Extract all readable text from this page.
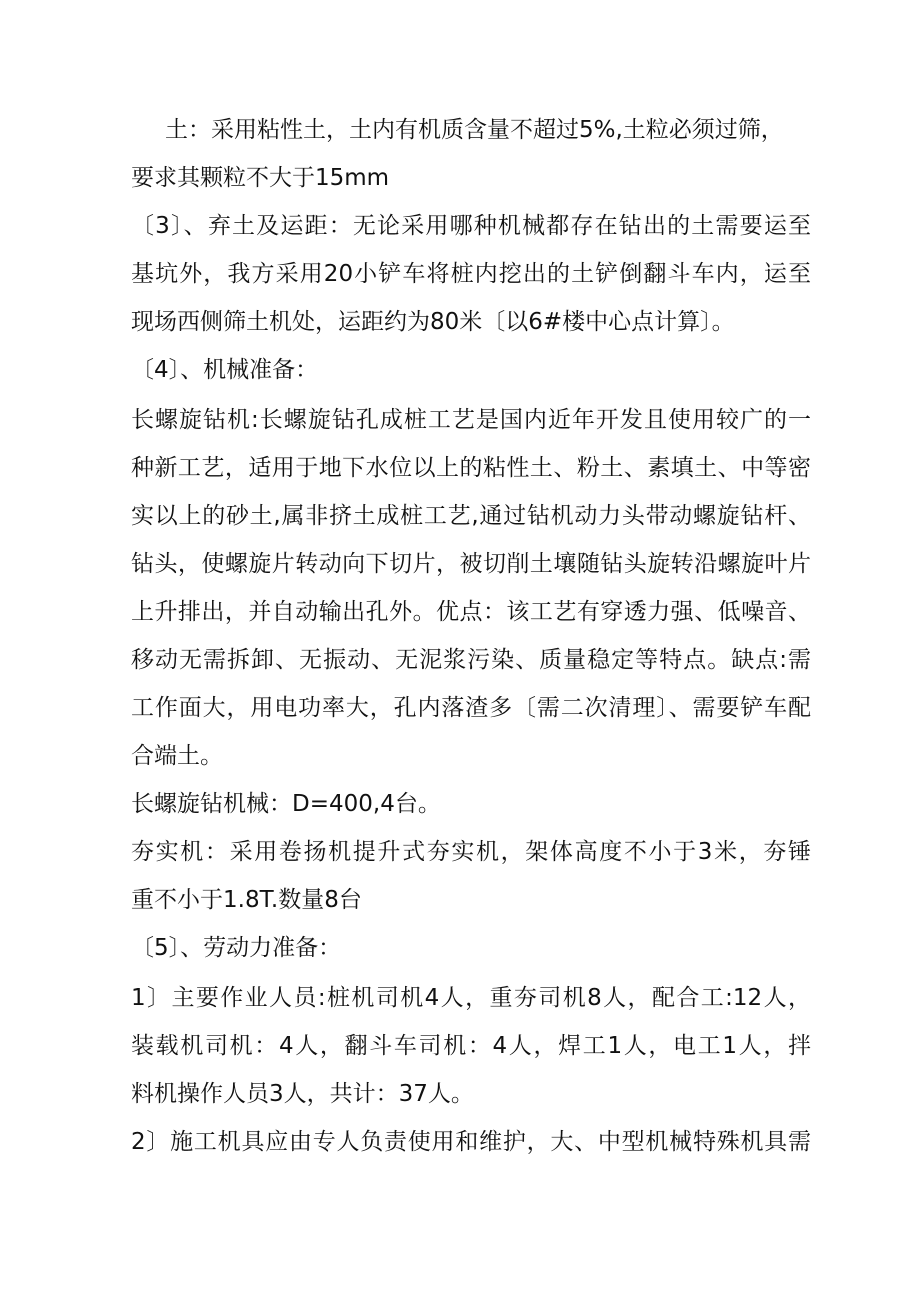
土：采用粘性土，土内有机质含量不超过5%,土粒必须过筛，
要求其颗粒不大于15mm
〔3〕、弃土及运距：无论采用哪种机械都存在钻出的土需要运至
基坑外，我方采用20小铲车将桩内挖出的土铲倒翻斗车内，运至
现场西侧筛土机处，运距约为80米〔以6#楼中心点计算〕。
〔4〕、机械准备：
长螺旋钻机:长螺旋钻孔成桩工艺是国内近年开发且使用较广的一
种新工艺，适用于地下水位以上的粘性土、粉土、素填土、中等密
实以上的砂土,属非挤土成桩工艺,通过钻机动力头带动螺旋钻杆、
钻头，使螺旋片转动向下切片，被切削土壤随钻头旋转沿螺旋叶片
上升排出，并自动输出孔外。优点：该工艺有穿透力强、低噪音、
移动无需拆卸、无振动、无泥浆污染、质量稳定等特点。缺点:需
工作面大，用电功率大，孔内落渣多〔需二次清理〕、需要铲车配
合端土。
长螺旋钻机械：D=400,4台。
夯实机：采用卷扬机提升式夯实机，架体高度不小于3米，夯锤
重不小于1.8T.数量8台
〔5〕、劳动力准备：
1〕主要作业人员:桩机司机4人，重夯司机8人，配合工:12人，
装载机司机：4人，翻斗车司机：4人，焊工1人，电工1人，拌
料机操作人员3人，共计：37人。
2〕施工机具应由专人负责使用和维护，大、中型机械特殊机具需
